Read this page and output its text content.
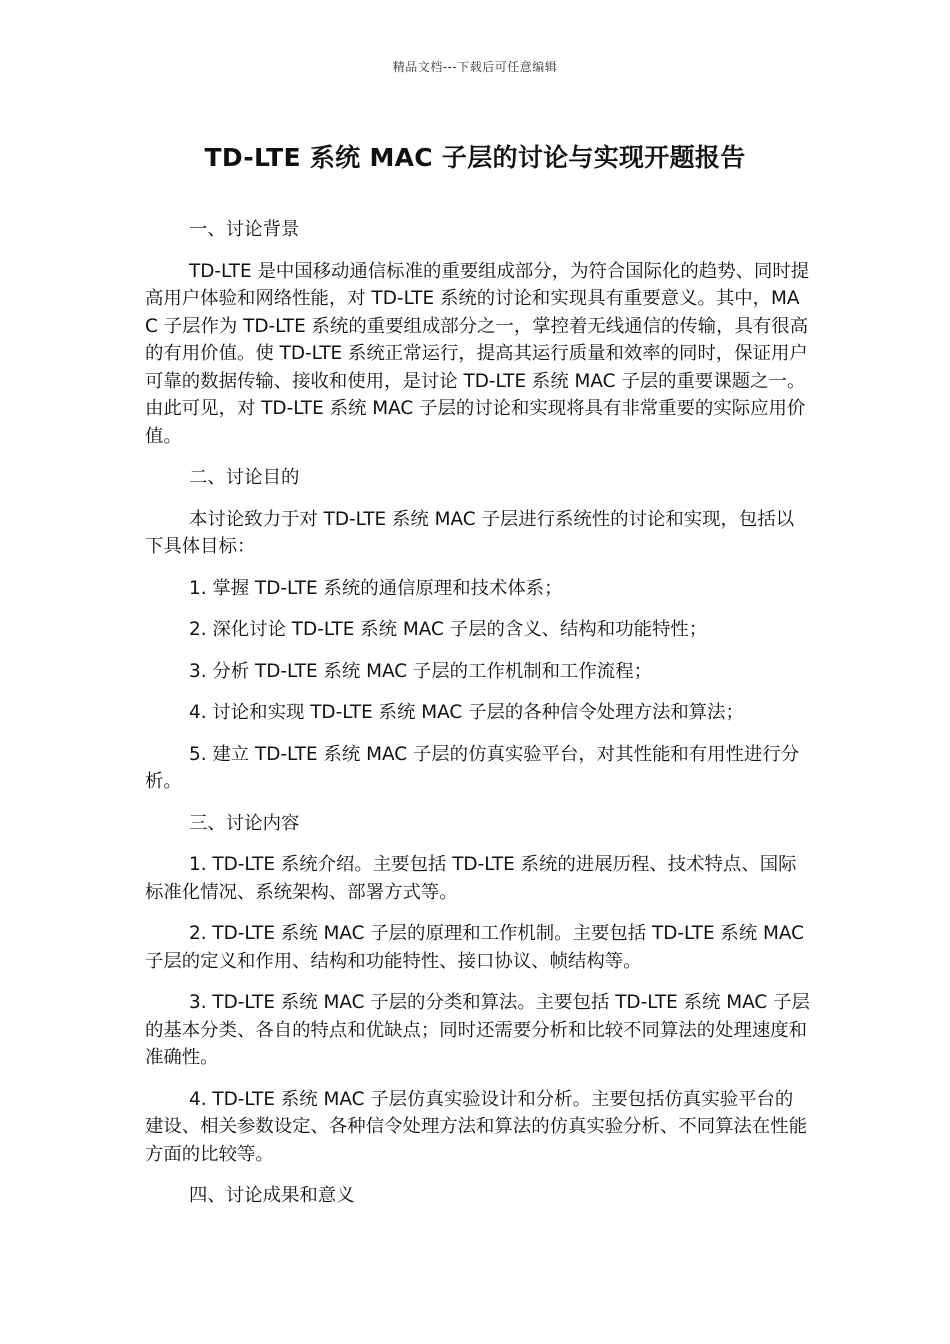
精品文档---下载后可任意编辑
TD-LTE 系统 MAC 子层的讨论与实现开题报告

一、讨论背景

TD-LTE 是中国移动通信标准的重要组成部分，为符合国际化的趋势、同时提高用户体验和网络性能，对 TD-LTE 系统的讨论和实现具有重要意义。其中，MAC 子层作为 TD-LTE 系统的重要组成部分之一，掌控着无线通信的传输，具有很高的有用价值。使 TD-LTE 系统正常运行，提高其运行质量和效率的同时，保证用户可靠的数据传输、接收和使用，是讨论 TD-LTE 系统 MAC 子层的重要课题之一。由此可见，对 TD-LTE 系统 MAC 子层的讨论和实现将具有非常重要的实际应用价值。

二、讨论目的

本讨论致力于对 TD-LTE 系统 MAC 子层进行系统性的讨论和实现，包括以下具体目标：

1. 掌握 TD-LTE 系统的通信原理和技术体系；

2. 深化讨论 TD-LTE 系统 MAC 子层的含义、结构和功能特性；

3. 分析 TD-LTE 系统 MAC 子层的工作机制和工作流程；

4. 讨论和实现 TD-LTE 系统 MAC 子层的各种信令处理方法和算法；

5. 建立 TD-LTE 系统 MAC 子层的仿真实验平台，对其性能和有用性进行分析。

三、讨论内容

1. TD-LTE 系统介绍。主要包括 TD-LTE 系统的进展历程、技术特点、国际标准化情况、系统架构、部署方式等。

2. TD-LTE 系统 MAC 子层的原理和工作机制。主要包括 TD-LTE 系统 MAC 子层的定义和作用、结构和功能特性、接口协议、帧结构等。

3. TD-LTE 系统 MAC 子层的分类和算法。主要包括 TD-LTE 系统 MAC 子层的基本分类、各自的特点和优缺点；同时还需要分析和比较不同算法的处理速度和准确性。

4. TD-LTE 系统 MAC 子层仿真实验设计和分析。主要包括仿真实验平台的建设、相关参数设定、各种信令处理方法和算法的仿真实验分析、不同算法在性能方面的比较等。

四、讨论成果和意义
